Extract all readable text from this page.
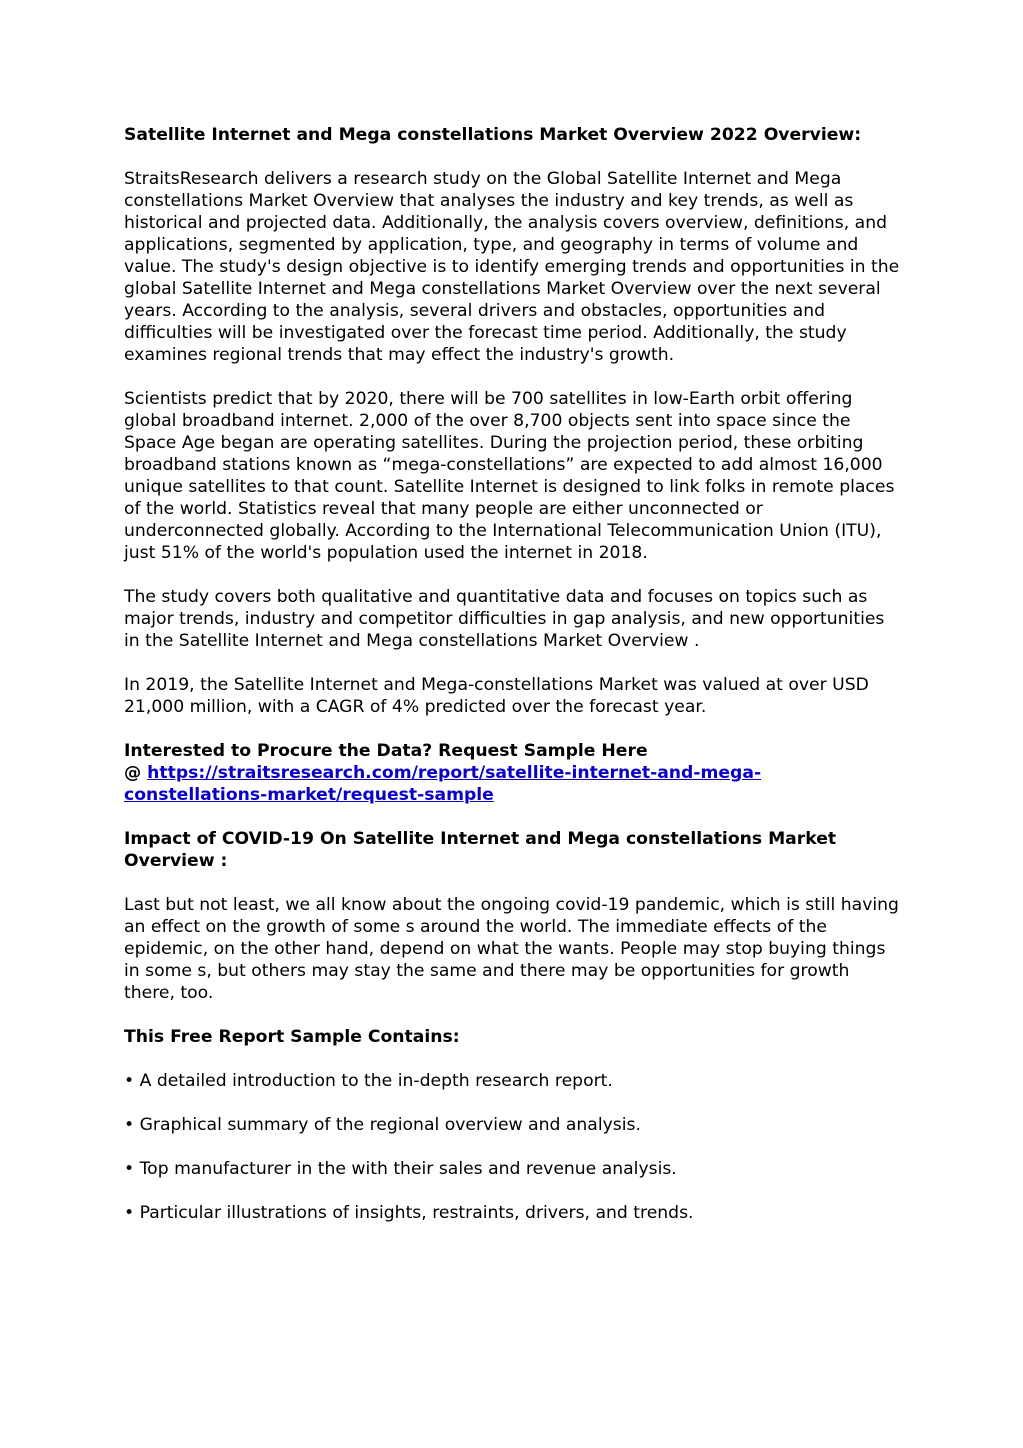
Satellite Internet and Mega constellations Market Overview 2022 Overview:

StraitsResearch delivers a research study on the Global Satellite Internet and Mega constellations Market Overview that analyses the industry and key trends, as well as historical and projected data. Additionally, the analysis covers overview, definitions, and applications, segmented by application, type, and geography in terms of volume and value. The study's design objective is to identify emerging trends and opportunities in the global Satellite Internet and Mega constellations Market Overview over the next several years. According to the analysis, several drivers and obstacles, opportunities and difficulties will be investigated over the forecast time period. Additionally, the study examines regional trends that may effect the industry's growth.

Scientists predict that by 2020, there will be 700 satellites in low-Earth orbit offering global broadband internet. 2,000 of the over 8,700 objects sent into space since the Space Age began are operating satellites. During the projection period, these orbiting broadband stations known as “mega-constellations” are expected to add almost 16,000 unique satellites to that count. Satellite Internet is designed to link folks in remote places of the world. Statistics reveal that many people are either unconnected or underconnected globally. According to the International Telecommunication Union (ITU), just 51% of the world's population used the internet in 2018.

The study covers both qualitative and quantitative data and focuses on topics such as major trends, industry and competitor difficulties in gap analysis, and new opportunities in the Satellite Internet and Mega constellations Market Overview .

In 2019, the Satellite Internet and Mega-constellations Market was valued at over USD 21,000 million, with a CAGR of 4% predicted over the forecast year.

Interested to Procure the Data? Request Sample Here
@ https://straitsresearch.com/report/satellite-internet-and-mega-constellations-market/request-sample

Impact of COVID-19 On Satellite Internet and Mega constellations Market Overview :

Last but not least, we all know about the ongoing covid-19 pandemic, which is still having an effect on the growth of some s around the world. The immediate effects of the epidemic, on the other hand, depend on what the wants. People may stop buying things in some s, but others may stay the same and there may be opportunities for growth there, too.

This Free Report Sample Contains:

• A detailed introduction to the in-depth research report.

• Graphical summary of the regional overview and analysis.

• Top manufacturer in the with their sales and revenue analysis.

• Particular illustrations of insights, restraints, drivers, and trends.
